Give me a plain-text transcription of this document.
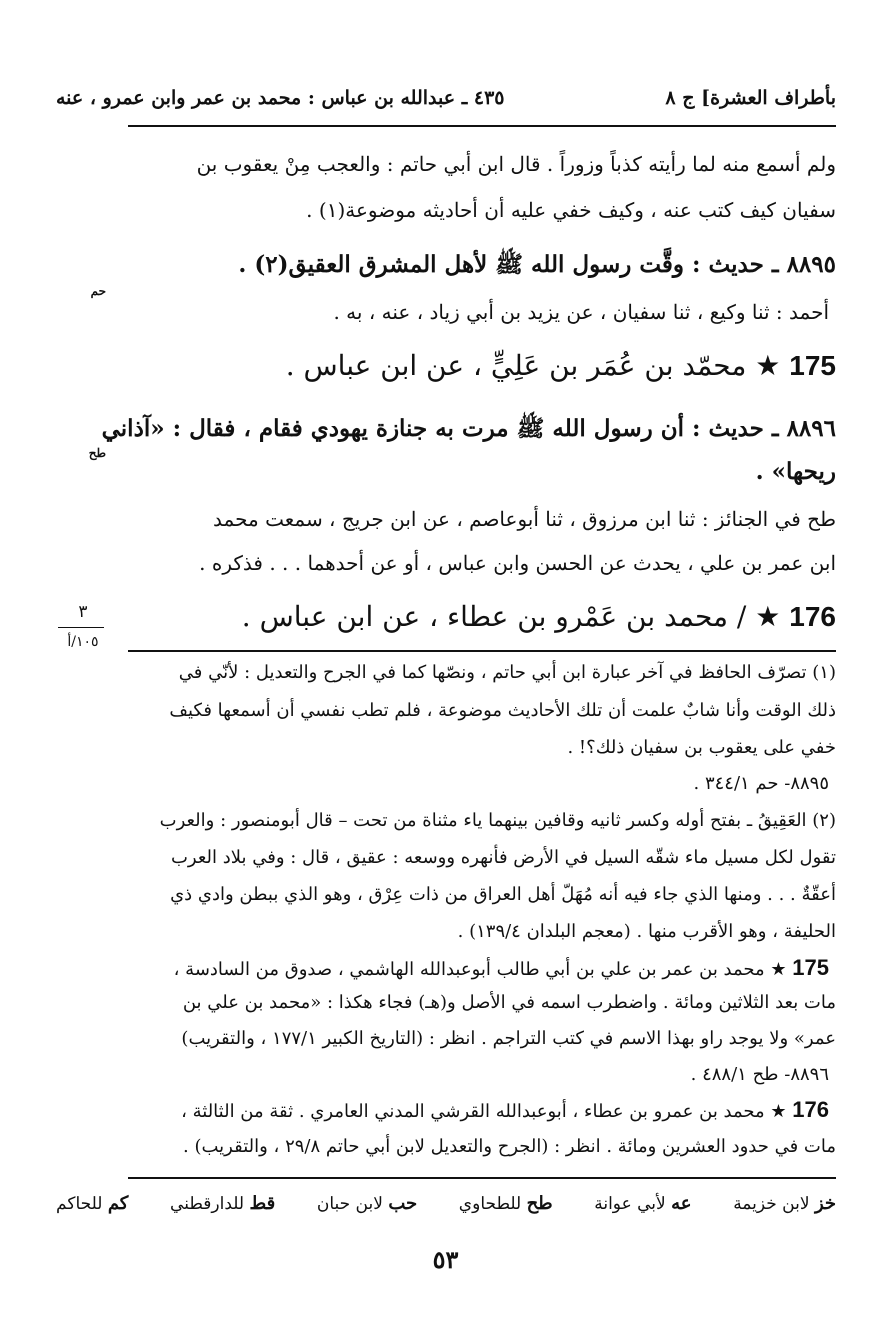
بأطراف العشرة] ج ٨
٤٣٥ ـ عبدالله بن عباس : محمد بن عمر وابن عمرو ، عنه
ولم أسمع منه لما رأيته كذباً وزوراً . قال ابن أبي حاتم : والعجب مِنْ يعقوب بن
سفيان كيف كتب عنه ، وكيف خفي عليه أن أحاديثه موضوعة(١) .
٨٨٩٥ ـ حديث : وقَّت رسول الله ﷺ لأهل المشرق العقيق(٢) .
حم
أحمد : ثنا وكيع ، ثنا سفيان ، عن يزيد بن أبي زياد ، عنه ، به .
175 ★ محمّد بن عُمَر بن عَلِيٍّ ، عن ابن عباس .
٨٨٩٦ ـ حديث : أن رسول الله ﷺ مرت به جنازة يهودي فقام ، فقال : «آذاني
طح
ريحها» .
طح في الجنائز : ثنا ابن مرزوق ، ثنا أبوعاصم ، عن ابن جريج ، سمعت محمد
ابن عمر بن علي ، يحدث عن الحسن وابن عباس ، أو عن أحدهما . . . فذكره .
176 ★ / محمد بن عَمْرو بن عطاء ، عن ابن عباس .
٣
١٠٥/أ
(١) تصرّف الحافظ في آخر عبارة ابن أبي حاتم ، ونصّها كما في الجرح والتعديل : لأنّي في
ذلك الوقت وأنا شابٌ علمت أن تلك الأحاديث موضوعة ، فلم تطب نفسي أن أسمعها فكيف
خفي على يعقوب بن سفيان ذلك؟! .
٨٨٩٥- حم ٣٤٤/١ .
(٢) العَقِيقُ ـ بفتح أوله وكسر ثانيه وقافين بينهما ياء مثناة من تحت – قال أبومنصور : والعرب
تقول لكل مسيل ماء شقّه السيل في الأرض فأنهره ووسعه : عقيق ، قال : وفي بلاد العرب
أعقّةٌ . . . ومنها الذي جاء فيه أنه مُهَلّ أهل العراق من ذات عِرْق ، وهو الذي ببطن وادي ذي
الحليفة ، وهو الأقرب منها . (معجم البلدان ١٣٩/٤) .
175 ★ محمد بن عمر بن علي بن أبي طالب أبوعبدالله الهاشمي ، صدوق من السادسة ،
مات بعد الثلاثين ومائة . واضطرب اسمه في الأصل و(هـ) فجاء هكذا : «محمد بن علي بن
عمر» ولا يوجد راو بهذا الاسم في كتب التراجم . انظر : (التاريخ الكبير ١٧٧/١ ، والتقريب)
٨٨٩٦- طح ٤٨٨/١ .
176 ★ محمد بن عمرو بن عطاء ، أبوعبدالله القرشي المدني العامري . ثقة من الثالثة ،
مات في حدود العشرين ومائة . انظر : (الجرح والتعديل لابن أبي حاتم ٢٩/٨ ، والتقريب) .
خز لابن خزيمة
عه لأبي عوانة
طح للطحاوي
حب لابن حبان
قط للدارقطني
كم للحاكم
٥٣
